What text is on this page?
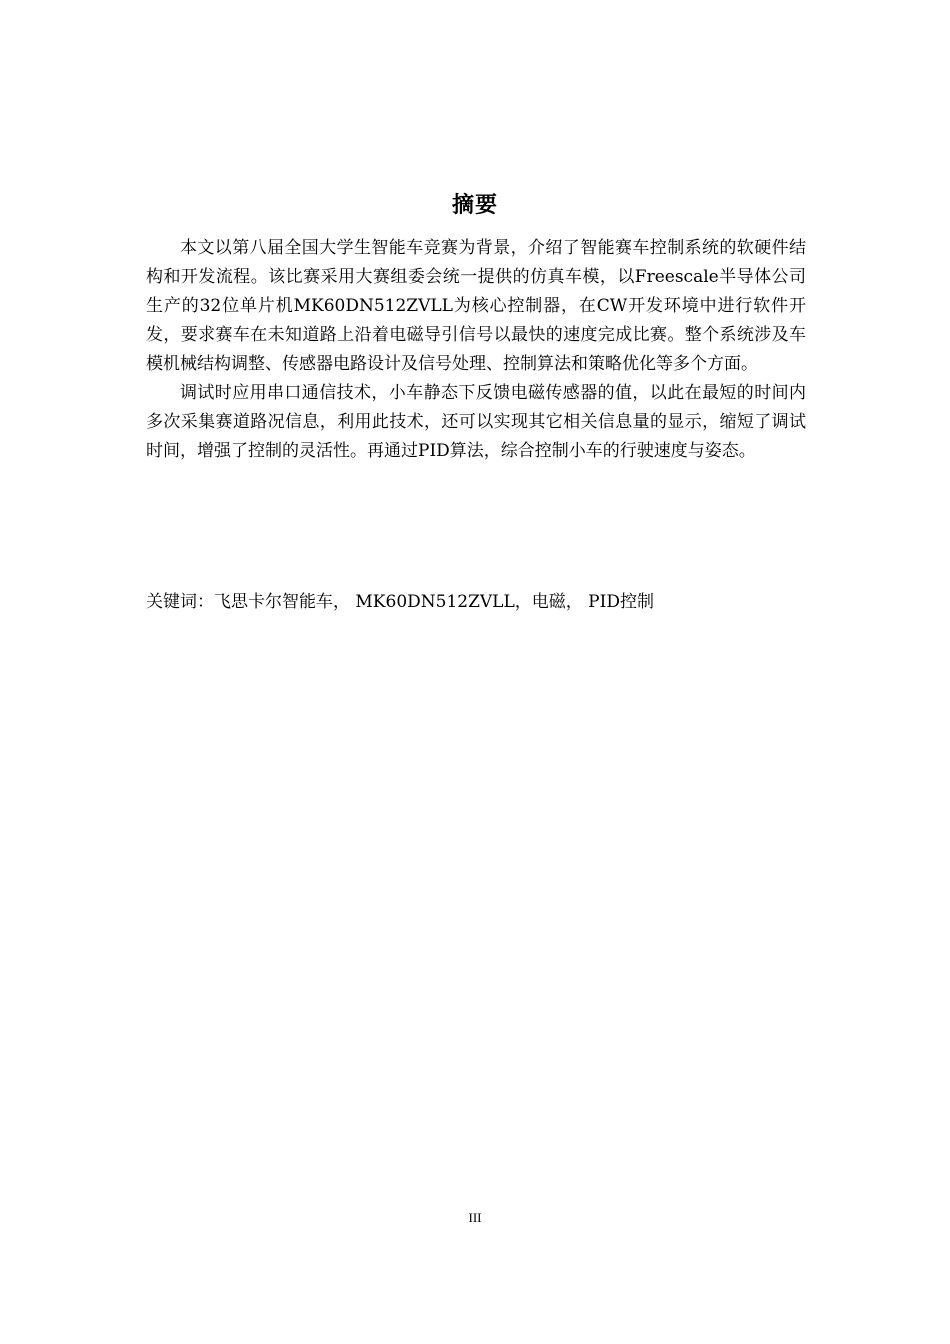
摘要

本文以第八届全国大学生智能车竞赛为背景，介绍了智能赛车控制系统的软硬件结构和开发流程。该比赛采用大赛组委会统一提供的仿真车模，以Freescale半导体公司生产的32位单片机MK60DN512ZVLL为核心控制器，在CW开发环境中进行软件开发，要求赛车在未知道路上沿着电磁导引信号以最快的速度完成比赛。整个系统涉及车模机械结构调整、传感器电路设计及信号处理、控制算法和策略优化等多个方面。

调试时应用串口通信技术，小车静态下反馈电磁传感器的值，以此在最短的时间内多次采集赛道路况信息，利用此技术，还可以实现其它相关信息量的显示，缩短了调试时间，增强了控制的灵活性。再通过PID算法，综合控制小车的行驶速度与姿态。

关键词：飞思卡尔智能车， MK60DN512ZVLL，电磁， PID控制
III
